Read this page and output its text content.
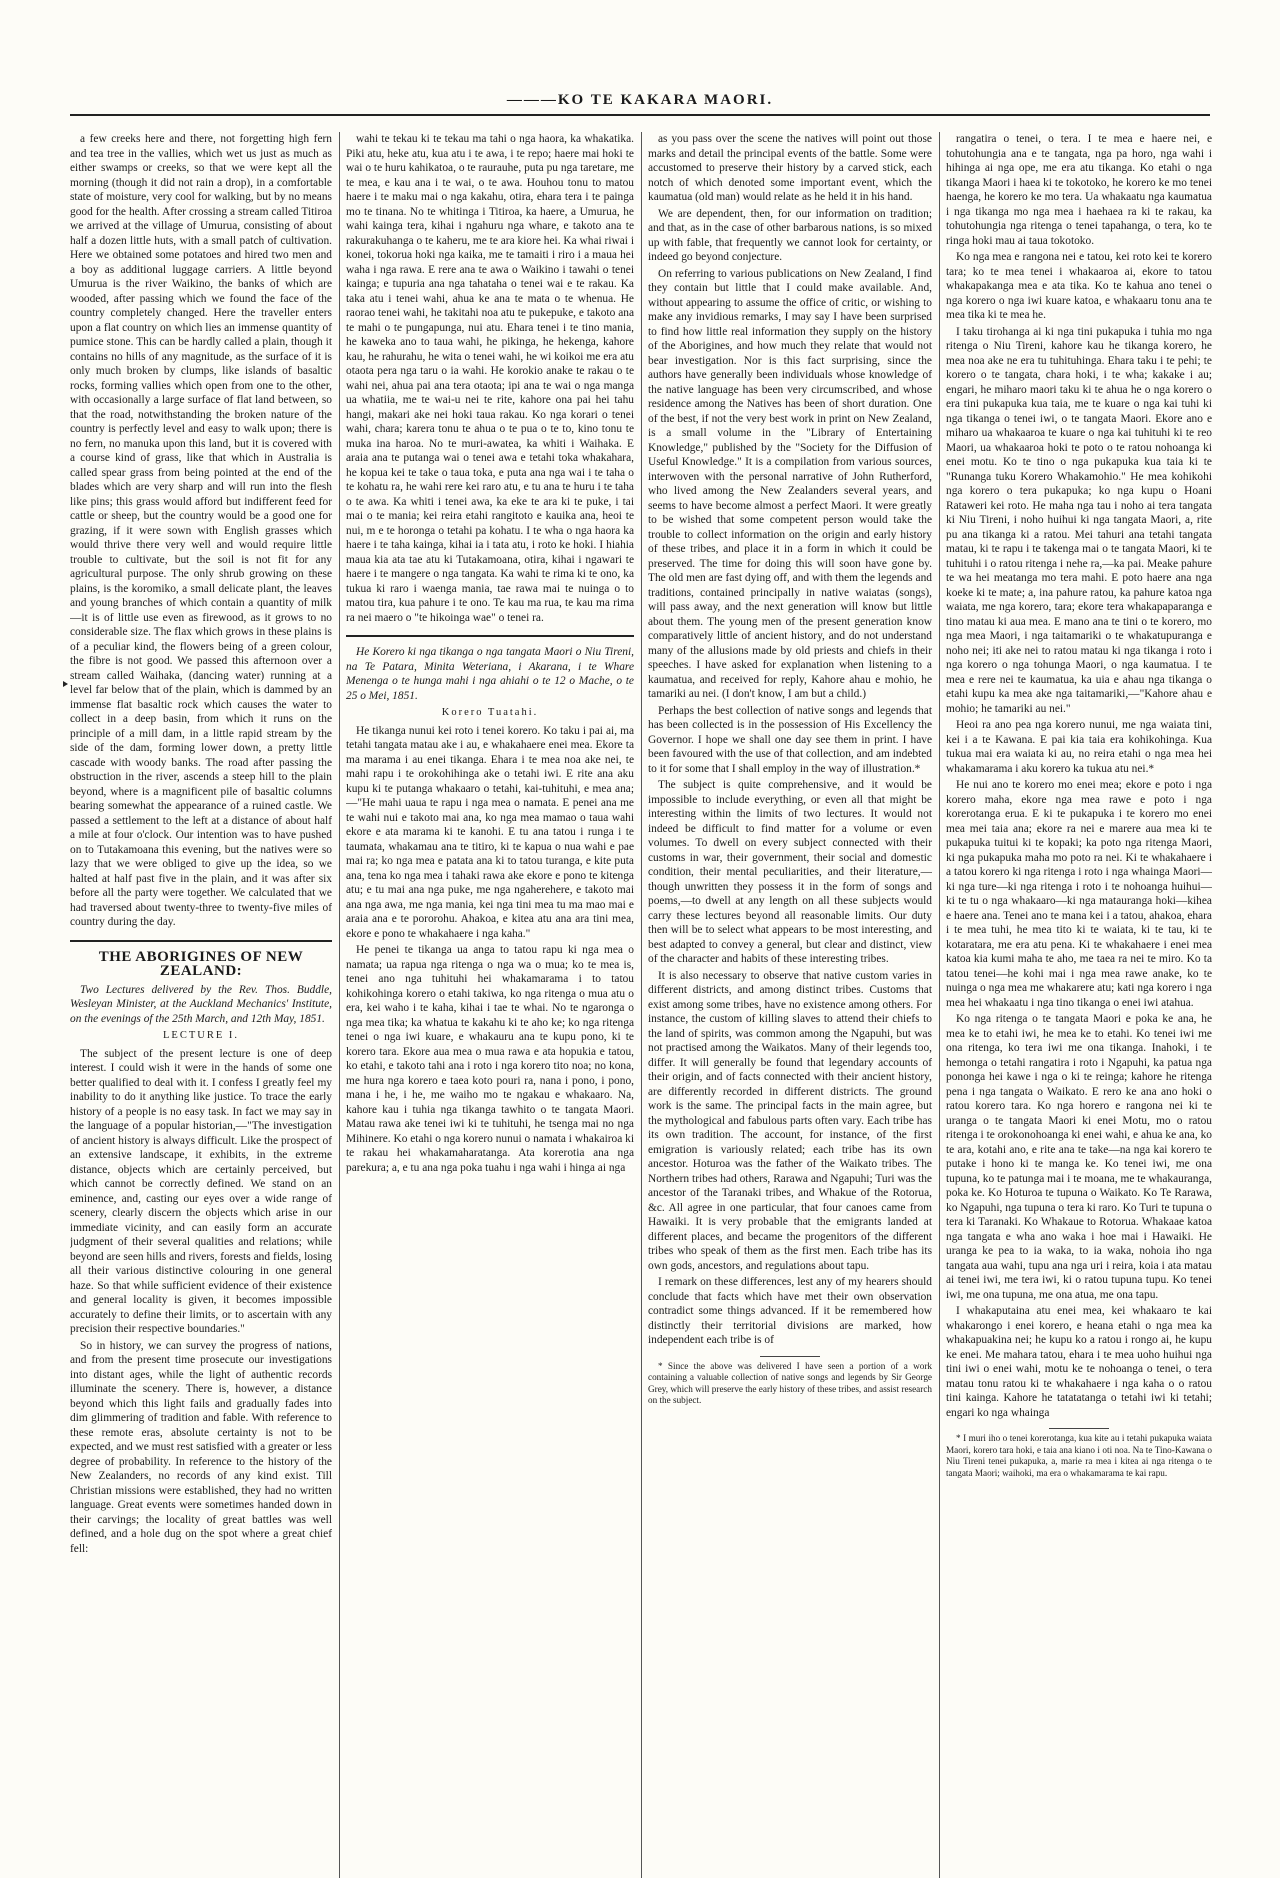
———KO TE KAKARA MAORI.

a few creeks here and there, not forgetting high fern and tea tree in the vallies, which wet us just as much as either swamps or creeks, so that we were kept all the morning (though it did not rain a drop), in a comfortable state of moisture, very cool for walking, but by no means good for the health. After crossing a stream called Titiroa we arrived at the village of Umurua, consisting of about half a dozen little huts, with a small patch of cultivation. Here we obtained some potatoes and hired two men and a boy as additional luggage carriers. A little beyond Umurua is the river Waikino, the banks of which are wooded, after passing which we found the face of the country completely changed. Here the traveller enters upon a flat country on which lies an immense quantity of pumice stone. This can be hardly called a plain, though it contains no hills of any magnitude, as the surface of it is only much broken by clumps, like islands of basaltic rocks, forming vallies which open from one to the other, with occasionally a large surface of flat land between, so that the road, notwithstanding the broken nature of the country is perfectly level and easy to walk upon; there is no fern, no manuka upon this land, but it is covered with a course kind of grass, like that which in Australia is called spear grass from being pointed at the end of the blades which are very sharp and will run into the flesh like pins; this grass would afford but indifferent feed for cattle or sheep, but the country would be a good one for grazing, if it were sown with English grasses which would thrive there very well and would require little trouble to cultivate, but the soil is not fit for any agricultural purpose. The only shrub growing on these plains, is the koromiko, a small delicate plant, the leaves and young branches of which contain a quantity of milk—it is of little use even as firewood, as it grows to no considerable size. The flax which grows in these plains is of a peculiar kind, the flowers being of a green colour, the fibre is not good. We passed this afternoon over a stream called Waihaka, (dancing water) running at a level far below that of the plain, which is dammed by an immense flat basaltic rock which causes the water to collect in a deep basin, from which it runs on the principle of a mill dam, in a little rapid stream by the side of the dam, forming lower down, a pretty little cascade with woody banks. The road after passing the obstruction in the river, ascends a steep hill to the plain beyond, where is a magnificent pile of basaltic columns bearing somewhat the appearance of a ruined castle. We passed a settlement to the left at a distance of about half a mile at four o'clock. Our intention was to have pushed on to Tutakamoana this evening, but the natives were so lazy that we were obliged to give up the idea, so we halted at half past five in the plain, and it was after six before all the party were together. We calculated that we had traversed about twenty-three to twenty-five miles of country during the day.

THE ABORIGINES OF NEW ZEALAND:

Two Lectures delivered by the Rev. Thos. Buddle, Wesleyan Minister, at the Auckland Mechanics' Institute, on the evenings of the 25th March, and 12th May, 1851.

LECTURE I.

The subject of the present lecture is one of deep interest. I could wish it were in the hands of some one better qualified to deal with it. I confess I greatly feel my inability to do it anything like justice. To trace the early history of a people is no easy task. In fact we may say in the language of a popular historian,—"The investigation of ancient history is always difficult. Like the prospect of an extensive landscape, it exhibits, in the extreme distance, objects which are certainly perceived, but which cannot be correctly defined. We stand on an eminence, and, casting our eyes over a wide range of scenery, clearly discern the objects which arise in our immediate vicinity, and can easily form an accurate judgment of their several qualities and relations; while beyond are seen hills and rivers, forests and fields, losing all their various distinctive colouring in one general haze. So that while sufficient evidence of their existence and general locality is given, it becomes impossible accurately to define their limits, or to ascertain with any precision their respective boundaries."

So in history, we can survey the progress of nations, and from the present time prosecute our investigations into distant ages, while the light of authentic records illuminate the scenery. There is, however, a distance beyond which this light fails and gradually fades into dim glimmering of tradition and fable. With reference to these remote eras, absolute certainty is not to be expected, and we must rest satisfied with a greater or less degree of probability. In reference to the history of the New Zealanders, no records of any kind exist. Till Christian missions were established, they had no written language. Great events were sometimes handed down in their carvings; the locality of great battles was well defined, and a hole dug on the spot where a great chief fell:

wahi te tekau ki te tekau ma tahi o nga haora, ka whakatika. Piki atu, heke atu, kua atu i te awa, i te repo; haere mai hoki te wai o te huru kahikatoa, o te raurauhe, puta pu nga taretare, me te mea, e kau ana i te wai, o te awa. Houhou tonu to matou haere i te maku mai o nga kakahu, otira, ehara tera i te painga mo te tinana. No te whitinga i Titiroa, ka haere, a Umurua, he wahi kainga tera, kihai i ngahuru nga whare, e takoto ana te rakurakuhanga o te kaheru, me te ara kiore hei. Ka whai riwai i konei, tokorua hoki nga kaika, me te tamaiti i riro i a maua hei waha i nga rawa. E rere ana te awa o Waikino i tawahi o tenei kainga; e tupuria ana nga tahataha o tenei wai e te rakau. Ka taka atu i tenei wahi, ahua ke ana te mata o te whenua. He raorao tenei wahi, he takitahi noa atu te pukepuke, e takoto ana te mahi o te pungapunga, nui atu. Ehara tenei i te tino mania, he kaweka ano to taua wahi, he pikinga, he hekenga, kahore kau, he rahurahu, he wita o tenei wahi, he wi koikoi me era atu otaota pera nga taru o ia wahi. He korokio anake te rakau o te wahi nei, ahua pai ana tera otaota; ipi ana te wai o nga manga ua whatiia, me te wai-u nei te rite, kahore ona pai hei tahu hangi, makari ake nei hoki taua rakau. Ko nga korari o tenei wahi, chara; karera tonu te ahua o te pua o te to, kino tonu te muka ina haroa. No te muri-awatea, ka whiti i Waihaka. E araia ana te putanga wai o tenei awa e tetahi toka whakahara, he kopua kei te take o taua toka, e puta ana nga wai i te taha o te kohatu ra, he wahi rere kei raro atu, e tu ana te huru i te taha o te awa. Ka whiti i tenei awa, ka eke te ara ki te puke, i tai mai o te mania; kei reira etahi rangitoto e kauika ana, heoi te nui, m e te horonga o tetahi pa kohatu. I te wha o nga haora ka haere i te taha kainga, kihai ia i tata atu, i roto ke hoki. I hiahia maua kia ata tae atu ki Tutakamoana, otira, kihai i ngawari te haere i te mangere o nga tangata. Ka wahi te rima ki te ono, ka tukua ki raro i waenga mania, tae rawa mai te nuinga o to matou tira, kua pahure i te ono. Te kau ma rua, te kau ma rima ra nei maero o "te hikoinga wae" o tenei ra.

He Korero ki nga tikanga o nga tangata Maori o Niu Tireni, na Te Patara, Minita Weteriana, i Akarana, i te Whare Menenga o te hunga mahi i nga ahiahi o te 12 o Mache, o te 25 o Mei, 1851.

Korero Tuatahi.

He tikanga nunui kei roto i tenei korero. Ko taku i pai ai, ma tetahi tangata matau ake i au, e whakahaere enei mea. Ekore ta ma marama i au enei tikanga. Ehara i te mea noa ake nei, te mahi rapu i te orokohihinga ake o tetahi iwi. E rite ana aku kupu ki te putanga whakaaro o tetahi, kai-tuhituhi, e mea ana;—"He mahi uaua te rapu i nga mea o namata. E penei ana me te wahi nui e takoto mai ana, ko nga mea mamao o taua wahi ekore e ata marama ki te kanohi. E tu ana tatou i runga i te taumata, whakamau ana te titiro, ki te kapua o nua wahi e pae mai ra; ko nga mea e patata ana ki to tatou turanga, e kite puta ana, tena ko nga mea i tahaki rawa ake ekore e pono te kitenga atu; e tu mai ana nga puke, me nga ngaherehere, e takoto mai ana nga awa, me nga mania, kei nga tini mea tu ma mao mai e araia ana e te pororohu. Ahakoa, e kitea atu ana ara tini mea, ekore e pono te whakahaere i nga kaha."

He penei te tikanga ua anga to tatou rapu ki nga mea o namata; ua rapua nga ritenga o nga wa o mua; ko te mea is, tenei ano nga tuhituhi hei whakamarama i to tatou kohikohinga korero o etahi takiwa, ko nga ritenga o mua atu o era, kei waho i te kaha, kihai i tae te whai. No te ngaronga o nga mea tika; ka whatua te kakahu ki te aho ke; ko nga ritenga tenei o nga iwi kuare, e whakauru ana te kupu pono, ki te korero tara. Ekore aua mea o mua rawa e ata hopukia e tatou, ko etahi, e takoto tahi ana i roto i nga korero tito noa; no kona, me hura nga korero e taea koto pouri ra, nana i pono, i pono, mana i he, i he, me waiho mo te ngakau e whakaaro. Na, kahore kau i tuhia nga tikanga tawhito o te tangata Maori. Matau rawa ake tenei iwi ki te tuhituhi, he tsenga mai no nga Mihinere. Ko etahi o nga korero nunui o namata i whakairoa ki te rakau hei whakamaharatanga. Ata korerotia ana nga parekura; a, e tu ana nga poka tuahu i nga wahi i hinga ai nga

as you pass over the scene the natives will point out those marks and detail the principal events of the battle. Some were accustomed to preserve their history by a carved stick, each notch of which denoted some important event, which the kaumatua (old man) would relate as he held it in his hand.

We are dependent, then, for our information on tradition; and that, as in the case of other barbarous nations, is so mixed up with fable, that frequently we cannot look for certainty, or indeed go beyond conjecture.

On referring to various publications on New Zealand, I find they contain but little that I could make available. And, without appearing to assume the office of critic, or wishing to make any invidious remarks, I may say I have been surprised to find how little real information they supply on the history of the Aborigines, and how much they relate that would not bear investigation. Nor is this fact surprising, since the authors have generally been individuals whose knowledge of the native language has been very circumscribed, and whose residence among the Natives has been of short duration. One of the best, if not the very best work in print on New Zealand, is a small volume in the "Library of Entertaining Knowledge," published by the "Society for the Diffusion of Useful Knowledge." It is a compilation from various sources, interwoven with the personal narrative of John Rutherford, who lived among the New Zealanders several years, and seems to have become almost a perfect Maori. It were greatly to be wished that some competent person would take the trouble to collect information on the origin and early history of these tribes, and place it in a form in which it could be preserved. The time for doing this will soon have gone by. The old men are fast dying off, and with them the legends and traditions, contained principally in native waiatas (songs), will pass away, and the next generation will know but little about them. The young men of the present generation know comparatively little of ancient history, and do not understand many of the allusions made by old priests and chiefs in their speeches. I have asked for explanation when listening to a kaumatua, and received for reply, Kahore ahau e mohio, he tamariki au nei. (I don't know, I am but a child.)

Perhaps the best collection of native songs and legends that has been collected is in the possession of His Excellency the Governor. I hope we shall one day see them in print. I have been favoured with the use of that collection, and am indebted to it for some that I shall employ in the way of illustration.*

The subject is quite comprehensive, and it would be impossible to include everything, or even all that might be interesting within the limits of two lectures. It would not indeed be difficult to find matter for a volume or even volumes. To dwell on every subject connected with their customs in war, their government, their social and domestic condition, their mental peculiarities, and their literature,—though unwritten they possess it in the form of songs and poems,—to dwell at any length on all these subjects would carry these lectures beyond all reasonable limits. Our duty then will be to select what appears to be most interesting, and best adapted to convey a general, but clear and distinct, view of the character and habits of these interesting tribes.

It is also necessary to observe that native custom varies in different districts, and among distinct tribes. Customs that exist among some tribes, have no existence among others. For instance, the custom of killing slaves to attend their chiefs to the land of spirits, was common among the Ngapuhi, but was not practised among the Waikatos. Many of their legends too, differ. It will generally be found that legendary accounts of their origin, and of facts connected with their ancient history, are differently recorded in different districts. The ground work is the same. The principal facts in the main agree, but the mythological and fabulous parts often vary. Each tribe has its own tradition. The account, for instance, of the first emigration is variously related; each tribe has its own ancestor. Hoturoa was the father of the Waikato tribes. The Northern tribes had others, Rarawa and Ngapuhi; Turi was the ancestor of the Taranaki tribes, and Whakue of the Rotorua, &c. All agree in one particular, that four canoes came from Hawaiki. It is very probable that the emigrants landed at different places, and became the progenitors of the different tribes who speak of them as the first men. Each tribe has its own gods, ancestors, and regulations about tapu.

I remark on these differences, lest any of my hearers should conclude that facts which have met their own observation contradict some things advanced. If it be remembered how distinctly their territorial divisions are marked, how independent each tribe is of

* Since the above was delivered I have seen a portion of a work containing a valuable collection of native songs and legends by Sir George Grey, which will preserve the early history of these tribes, and assist research on the subject.

rangatira o tenei, o tera. I te mea e haere nei, e tohutohungia ana e te tangata, nga pa horo, nga wahi i hihinga ai nga ope, me era atu tikanga. Ko etahi o nga tikanga Maori i haea ki te tokotoko, he korero ke mo tenei haenga, he korero ke mo tera. Ua whakaatu nga kaumatua i nga tikanga mo nga mea i haehaea ra ki te rakau, ka tohutohungia nga ritenga o tenei tapahanga, o tera, ko te ringa hoki mau ai taua tokotoko.

Ko nga mea e rangona nei e tatou, kei roto kei te korero tara; ko te mea tenei i whakaaroa ai, ekore to tatou whakapakanga mea e ata tika. Ko te kahua ano tenei o nga korero o nga iwi kuare katoa, e whakaaru tonu ana te mea tika ki te mea he.

I taku tirohanga ai ki nga tini pukapuka i tuhia mo nga ritenga o Niu Tireni, kahore kau he tikanga korero, he mea noa ake ne era tu tuhituhinga. Ehara taku i te pehi; te korero o te tangata, chara hoki, i te wha; kakake i au; engari, he miharo maori taku ki te ahua he o nga korero o era tini pukapuka kua taia, me te kuare o nga kai tuhi ki nga tikanga o tenei iwi, o te tangata Maori. Ekore ano e miharo ua whakaaroa te kuare o nga kai tuhituhi ki te reo Maori, ua whakaaroa hoki te poto o te ratou nohoanga ki enei motu. Ko te tino o nga pukapuka kua taia ki te "Runanga tuku Korero Whakamohio." He mea kohikohi nga korero o tera pukapuka; ko nga kupu o Hoani Rataweri kei roto. He maha nga tau i noho ai tera tangata ki Niu Tireni, i noho huihui ki nga tangata Maori, a, rite pu ana tikanga ki a ratou. Mei tahuri ana tetahi tangata matau, ki te rapu i te takenga mai o te tangata Maori, ki te tuhituhi i o ratou ritenga i nehe ra,—ka pai. Meake pahure te wa hei meatanga mo tera mahi. E poto haere ana nga koeke ki te mate; a, ina pahure ratou, ka pahure katoa nga waiata, me nga korero, tara; ekore tera whakapaparanga e tino matau ki aua mea. E mano ana te tini o te korero, mo nga mea Maori, i nga taitamariki o te whakatupuranga e noho nei; iti ake nei to ratou matau ki nga tikanga i roto i nga korero o nga tohunga Maori, o nga kaumatua. I te mea e rere nei te kaumatua, ka uia e ahau nga tikanga o etahi kupu ka mea ake nga taitamariki,—"Kahore ahau e mohio; he tamariki au nei."

Heoi ra ano pea nga korero nunui, me nga waiata tini, kei i a te Kawana. E pai kia taia era kohikohinga. Kua tukua mai era waiata ki au, no reira etahi o nga mea hei whakamarama i aku korero ka tukua atu nei.*

He nui ano te korero mo enei mea; ekore e poto i nga korero maha, ekore nga mea rawe e poto i nga korerotanga erua. E ki te pukapuka i te korero mo enei mea mei taia ana; ekore ra nei e marere aua mea ki te pukapuka tuitui ki te kopaki; ka poto nga ritenga Maori, ki nga pukapuka maha mo poto ra nei. Ki te whakahaere i a tatou korero ki nga ritenga i roto i nga whainga Maori—ki nga ture—ki nga ritenga i roto i te nohoanga huihui—ki te tu o nga whakaaro—ki nga matauranga hoki—kihea e haere ana. Tenei ano te mana kei i a tatou, ahakoa, ehara i te mea tuhi, he mea tito ki te waiata, ki te tau, ki te kotaratara, me era atu pena. Ki te whakahaere i enei mea katoa kia kumi maha te aho, me taea ra nei te miro. Ko ta tatou tenei—he kohi mai i nga mea rawe anake, ko te nuinga o nga mea me whakarere atu; kati nga korero i nga mea hei whakaatu i nga tino tikanga o enei iwi atahua.

Ko nga ritenga o te tangata Maori e poka ke ana, he mea ke to etahi iwi, he mea ke to etahi. Ko tenei iwi me ona ritenga, ko tera iwi me ona tikanga. Inahoki, i te hemonga o tetahi rangatira i roto i Ngapuhi, ka patua nga pononga hei kawe i nga o ki te reinga; kahore he ritenga pena i nga tangata o Waikato. E rero ke ana ano hoki o ratou korero tara. Ko nga horero e rangona nei ki te uranga o te tangata Maori ki enei Motu, mo o ratou ritenga i te orokonohoanga ki enei wahi, e ahua ke ana, ko te ara, kotahi ano, e rite ana te take—na nga kai korero te putake i hono ki te manga ke. Ko tenei iwi, me ona tupuna, ko te patunga mai i te moana, me te whakauranga, poka ke. Ko Hoturoa te tupuna o Waikato. Ko Te Rarawa, ko Ngapuhi, nga tupuna o tera ki raro. Ko Turi te tupuna o tera ki Taranaki. Ko Whakaue to Rotorua. Whakaae katoa nga tangata e wha ano waka i hoe mai i Hawaiki. He uranga ke pea to ia waka, to ia waka, nohoia iho nga tangata aua wahi, tupu ana nga uri i reira, koia i ata matau ai tenei iwi, me tera iwi, ki o ratou tupuna tupu. Ko tenei iwi, me ona tupuna, me ona atua, me ona tapu.

I whakaputaina atu enei mea, kei whakaaro te kai whakarongo i enei korero, e heana etahi o nga mea ka whakapuakina nei; he kupu ko a ratou i rongo ai, he kupu ke enei. Me mahara tatou, ehara i te mea uoho huihui nga tini iwi o enei wahi, motu ke te nohoanga o tenei, o tera matau tonu ratou ki te whakahaere i nga kaha o o ratou tini kainga. Kahore he tatatatanga o tetahi iwi ki tetahi; engari ko nga whainga

* I muri iho o tenei korerotanga, kua kite au i tetahi pukapuka waiata Maori, korero tara hoki, e taia ana kiano i oti noa. Na te Tino-Kawana o Niu Tireni tenei pukapuka, a, marie ra mea i kitea ai nga ritenga o te tangata Maori; waihoki, ma era o whakamarama te kai rapu.
